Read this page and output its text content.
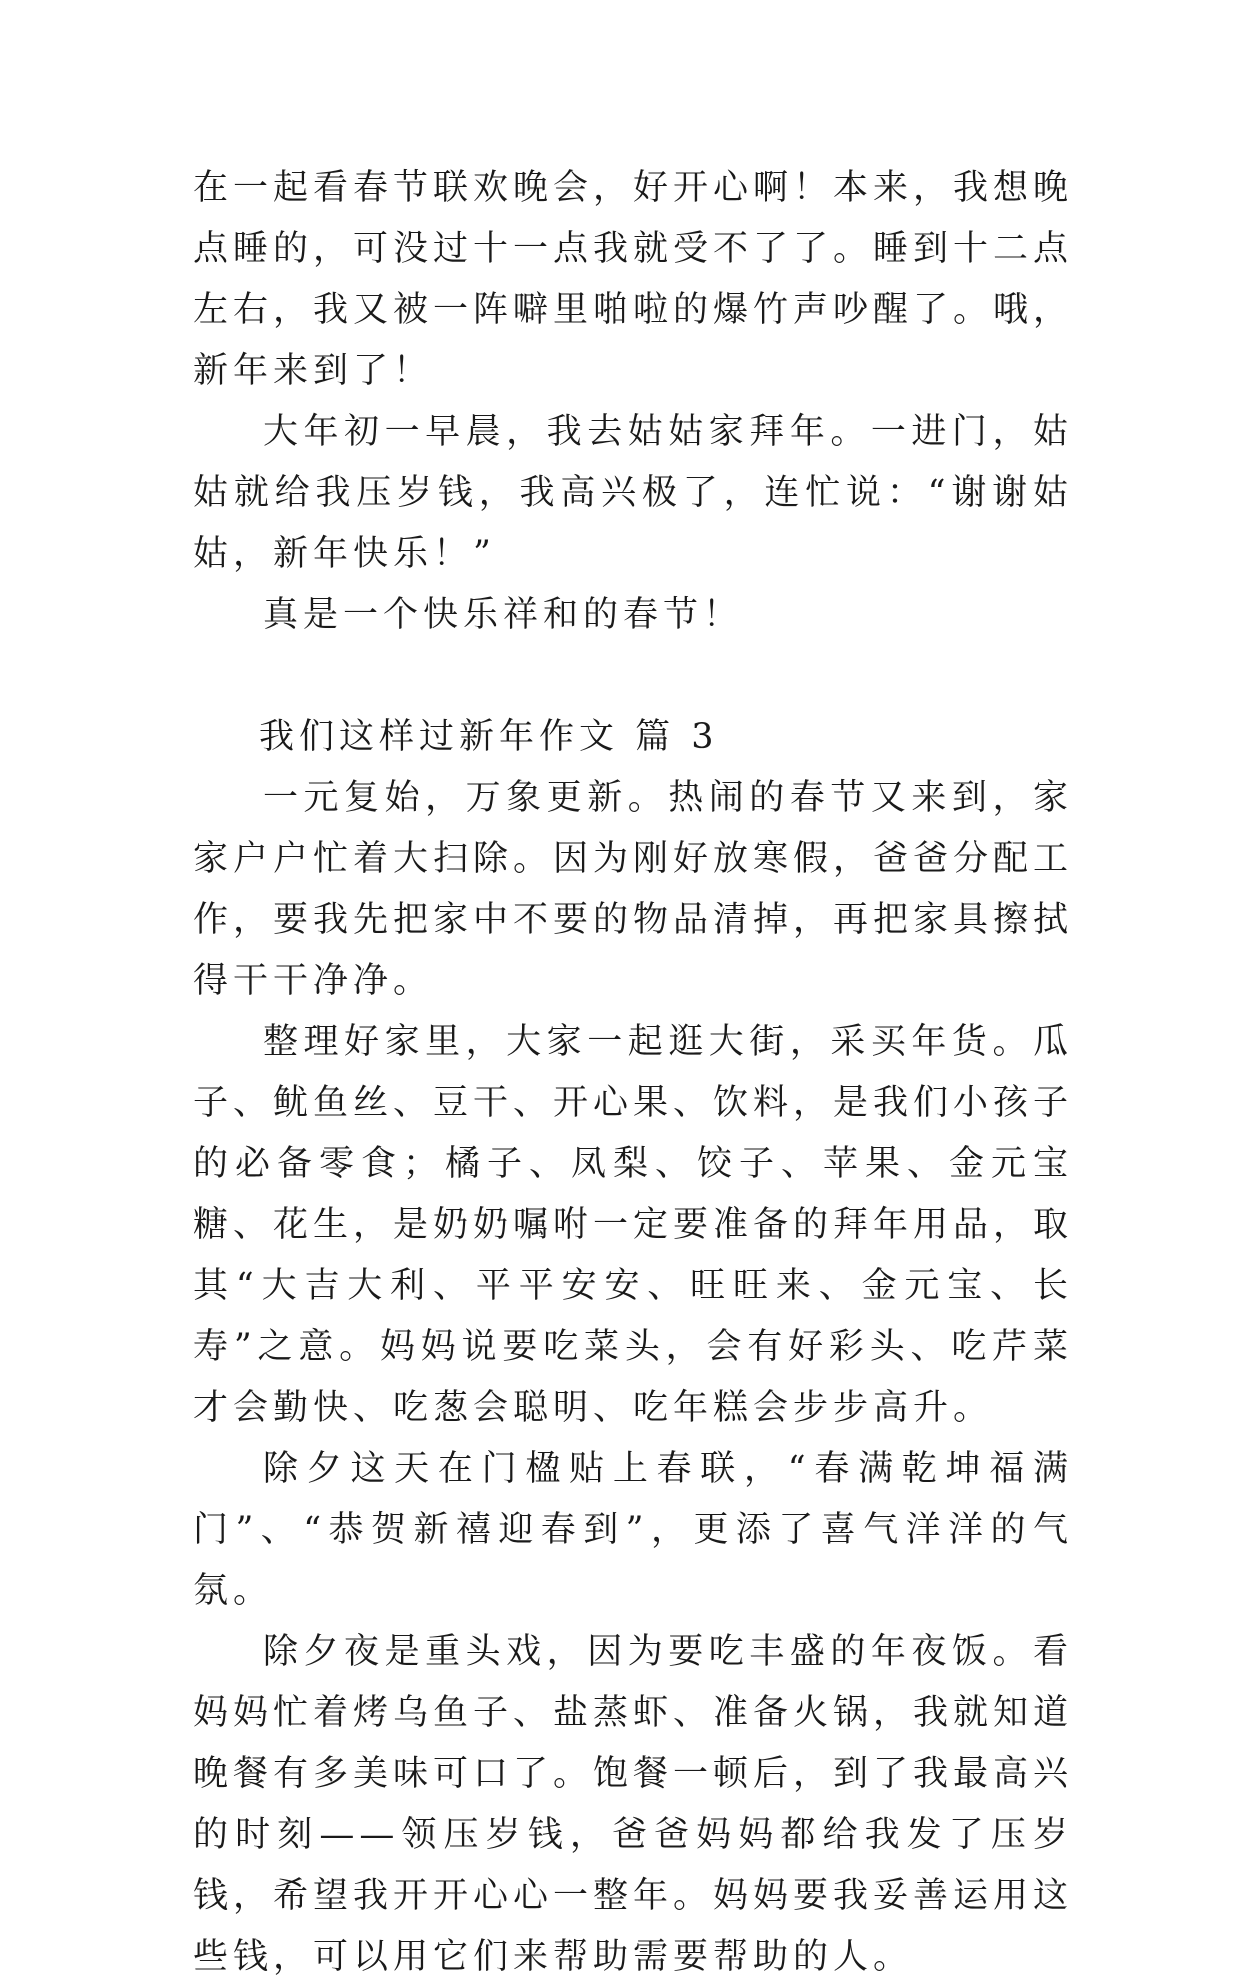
在一起看春节联欢晚会，好开心啊！本来，我想晚点睡的，可没过十一点我就受不了了。睡到十二点左右，我又被一阵噼里啪啦的爆竹声吵醒了。哦，新年来到了！

大年初一早晨，我去姑姑家拜年。一进门，姑姑就给我压岁钱，我高兴极了，连忙说：“谢谢姑姑，新年快乐！”

真是一个快乐祥和的春节！

我们这样过新年作文 篇 3

一元复始，万象更新。热闹的春节又来到，家家户户忙着大扫除。因为刚好放寒假，爸爸分配工作，要我先把家中不要的物品清掉，再把家具擦拭得干干净净。

整理好家里，大家一起逛大街，采买年货。瓜子、鱿鱼丝、豆干、开心果、饮料，是我们小孩子的必备零食；橘子、凤梨、饺子、苹果、金元宝糖、花生，是奶奶嘱咐一定要准备的拜年用品，取其“大吉大利、平平安安、旺旺来、金元宝、长寿”之意。妈妈说要吃菜头，会有好彩头、吃芹菜才会勤快、吃葱会聪明、吃年糕会步步高升。

除夕这天在门楹贴上春联，“春满乾坤福满门”、“恭贺新禧迎春到”，更添了喜气洋洋的气氛。

除夕夜是重头戏，因为要吃丰盛的年夜饭。看妈妈忙着烤乌鱼子、盐蒸虾、准备火锅，我就知道晚餐有多美味可口了。饱餐一顿后，到了我最高兴的时刻——领压岁钱，爸爸妈妈都给我发了压岁钱，希望我开开心心一整年。妈妈要我妥善运用这些钱，可以用它们来帮助需要帮助的人。
